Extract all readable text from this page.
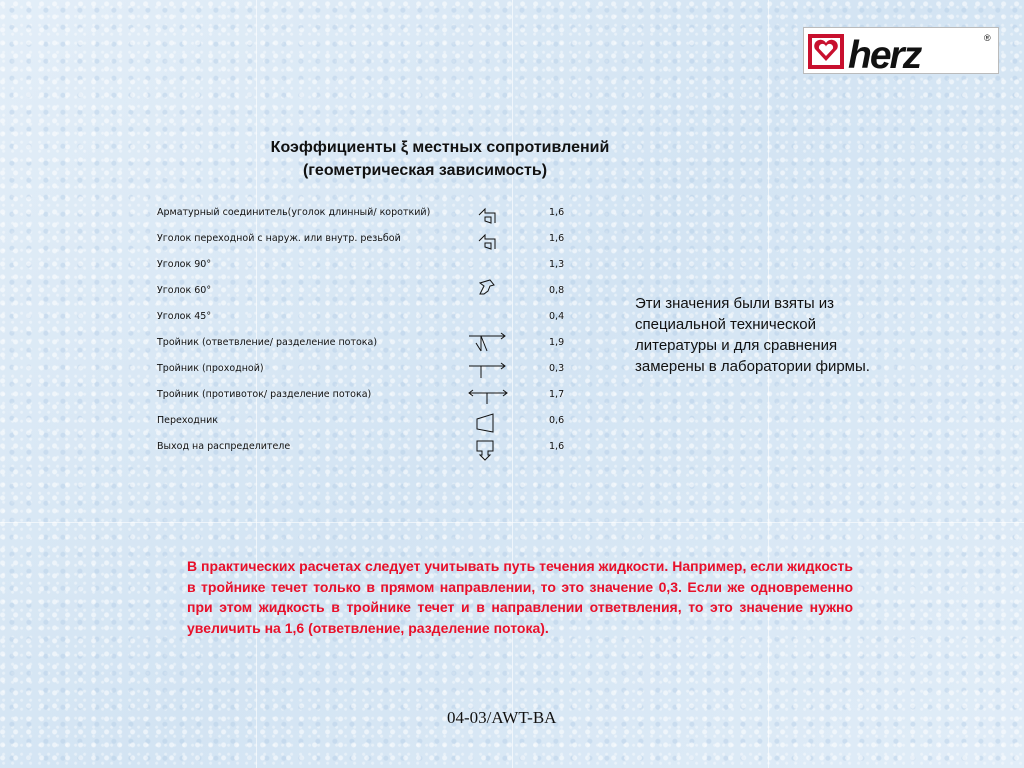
herz	®
Коэффициенты ξ местных сопротивлений
(геометрическая зависимость)
Арматурный соединитель(уголок длинный/ короткий)	1,6
Уголок переходной с наруж. или внутр. резьбой	1,6
Уголок 90°	1,3
Уголок 60°	0,8
Уголок 45°	0,4
Тройник (ответвление/ разделение потока)	1,9
Тройник (проходной)	0,3
Тройник (противоток/ разделение потока)	1,7
Переходник	0,6
Выход на распределителе	1,6
Эти значения были взяты из специальной технической литературы и для сравнения замерены в лаборатории фирмы.
В практических расчетах следует учитывать путь течения жидкости. Например, если жидкость в тройнике течет только в прямом направлении, то это значение 0,3. Если же одновременно при этом жидкость в тройнике течет и в направлении ответвления, то это значение нужно увеличить на 1,6 (ответвление, разделение потока).
04-03/AWT-BA
